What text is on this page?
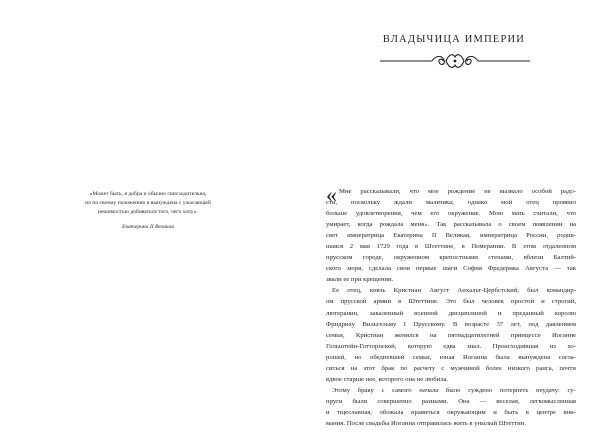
«Может быть, я добра и обычно снисходительна,
но по своему положению я вынуждена с ужасающей
решимостью добиваться того, чего хочу».
Екатерина II Великая
ВЛАДЫЧИЦА ИМПЕРИИ
« Мне рассказывали, что мое рождение не вызвало особой радо-
сти, поскольку ждали мальчика; однако мой отец проявил
больше удовлетворения, чем его окружение. Мою мать считали, что
умирает, когда рождала меня». Так рассказывала о своем появлении на
свет императрица Екатерина II Великая, императрица России, родив-
шаяся 2 мая 1729 года в Штеттине, в Померании. В этом отдаленном
прусском городе, окруженном крепостными стенами, вблизи Балтий-
ского моря, сделала свои первые шаги София Фредерика Августа — так
звали ее при крещении.
Ее отец, князь Кристиан Август Анхальт-Цербстский, был командир-
ом прусской армии в Штеттине. Это был человек простой и строгий,
лютеранин, закаленный военной дисциплиной и преданный королю
Фридриху Вильгельму I Прусскому. В возрасте 37 лет, под давлением
семьи, Кристиан женился на пятнадцатилетней принцессе Иоганне
Гольштейн-Готторпской, которую едва знал. Происходившая из хо-
рошей, но обедневшей семьи, юная Иоганна была вынуждена согла-
ситься на этот брак по расчету с мужчиной более низкого ранга, почти
вдвое старше нее, которого она не любила.
Этому браку с самого начала было суждено потерпеть неудачу: су-
пруги были совершенно разными. Она — веселая, легкомысленная
и тщеславная, обожала нравиться окружающим и быть в центре вни-
мания. После свадьбы Иоганна отправилась жить в унылый Штеттин.
